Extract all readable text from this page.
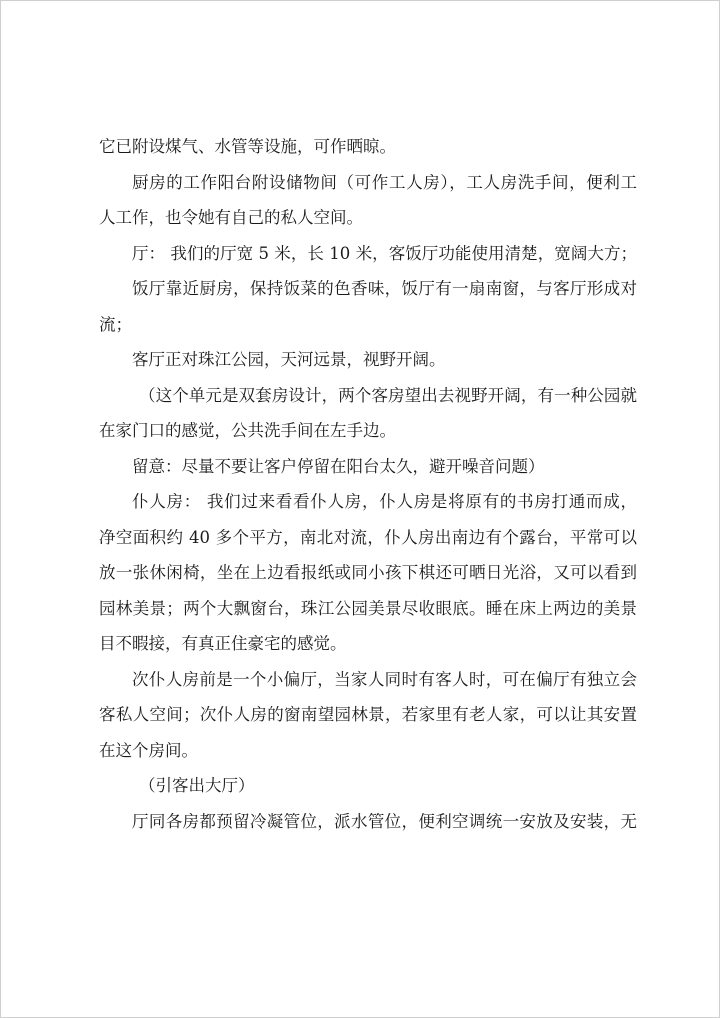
它已附设煤气、水管等设施，可作晒晾。
厨房的工作阳台附设储物间（可作工人房），工人房洗手间，便利工
人工作，也令她有自己的私人空间。
厅： 我们的厅宽 5 米，长 10 米，客饭厅功能使用清楚，宽阔大方；
饭厅靠近厨房，保持饭菜的色香味，饭厅有一扇南窗，与客厅形成对
流；
客厅正对珠江公园，天河远景，视野开阔。
（这个单元是双套房设计，两个客房望出去视野开阔，有一种公园就
在家门口的感觉，公共洗手间在左手边。
留意：尽量不要让客户停留在阳台太久，避开噪音问题）
仆人房： 我们过来看看仆人房，仆人房是将原有的书房打通而成，
净空面积约 40 多个平方，南北对流，仆人房出南边有个露台，平常可以
放一张休闲椅，坐在上边看报纸或同小孩下棋还可晒日光浴，又可以看到
园林美景；两个大飘窗台，珠江公园美景尽收眼底。睡在床上两边的美景
目不暇接，有真正住豪宅的感觉。
次仆人房前是一个小偏厅，当家人同时有客人时，可在偏厅有独立会
客私人空间；次仆人房的窗南望园林景，若家里有老人家，可以让其安置
在这个房间。
（引客出大厅）
厅同各房都预留冷凝管位，派水管位，便利空调统一安放及安装，无
